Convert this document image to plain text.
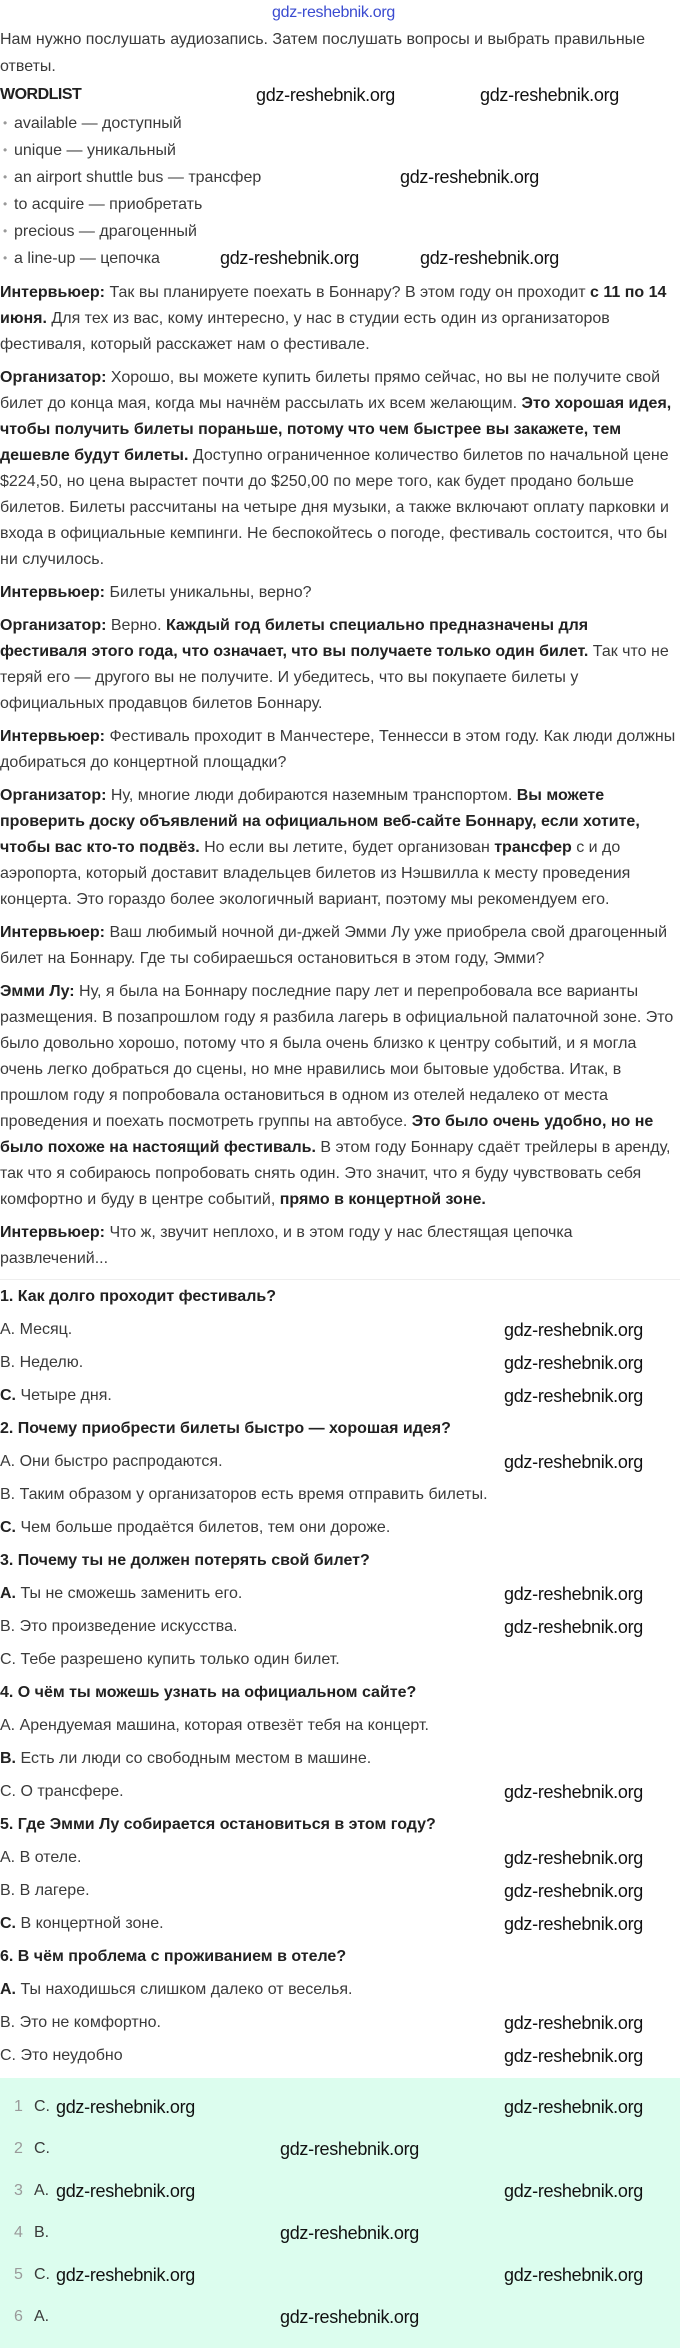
gdz-reshebnik.org

Нам нужно послушать аудиозапись. Затем послушать вопросы и выбрать правильные ответы.

WORDLIST	gdz-reshebnik.org	gdz-reshebnik.org
• available — доступный
• unique — уникальный
• an airport shuttle bus — трансфер	gdz-reshebnik.org
• to acquire — приобретать
• precious — драгоценный
• a line-up — цепочка	gdz-reshebnik.org	gdz-reshebnik.org

Интервьюер: Так вы планируете поехать в Боннару? В этом году он проходит с 11 по 14 июня. Для тех из вас, кому интересно, у нас в студии есть один из организаторов фестиваля, который расскажет нам о фестивале.

Организатор: Хорошо, вы можете купить билеты прямо сейчас, но вы не получите свой билет до конца мая, когда мы начнём рассылать их всем желающим. Это хорошая идея, чтобы получить билеты пораньше, потому что чем быстрее вы закажете, тем дешевле будут билеты. Доступно ограниченное количество билетов по начальной цене $224,50, но цена вырастет почти до $250,00 по мере того, как будет продано больше билетов. Билеты рассчитаны на четыре дня музыки, а также включают оплату парковки и входа в официальные кемпинги. Не беспокойтесь о погоде, фестиваль состоится, что бы ни случилось.

Интервьюер: Билеты уникальны, верно?

Организатор: Верно. Каждый год билеты специально предназначены для фестиваля этого года, что означает, что вы получаете только один билет. Так что не теряй его — другого вы не получите. И убедитесь, что вы покупаете билеты у официальных продавцов билетов Боннару.

Интервьюер: Фестиваль проходит в Манчестере, Теннесси в этом году. Как люди должны добираться до концертной площадки?

Организатор: Ну, многие люди добираются наземным транспортом. Вы можете проверить доску объявлений на официальном веб-сайте Боннару, если хотите, чтобы вас кто-то подвёз. Но если вы летите, будет организован трансфер с и до аэропорта, который доставит владельцев билетов из Нэшвилла к месту проведения концерта. Это гораздо более экологичный вариант, поэтому мы рекомендуем его.

Интервьюер: Ваш любимый ночной ди-джей Эмми Лу уже приобрела свой драгоценный билет на Боннару. Где ты собираешься остановиться в этом году, Эмми?

Эмми Лу: Ну, я была на Боннару последние пару лет и перепробовала все варианты размещения. В позапрошлом году я разбила лагерь в официальной палаточной зоне. Это было довольно хорошо, потому что я была очень близко к центру событий, и я могла очень легко добраться до сцены, но мне нравились мои бытовые удобства. Итак, в прошлом году я попробовала остановиться в одном из отелей недалеко от места проведения и поехать посмотреть группы на автобусе. Это было очень удобно, но не было похоже на настоящий фестиваль. В этом году Боннару сдаёт трейлеры в аренду, так что я собираюсь попробовать снять один. Это значит, что я буду чувствовать себя комфортно и буду в центре событий, прямо в концертной зоне.

Интервьюер: Что ж, звучит неплохо, и в этом году у нас блестящая цепочка развлечений...

1. Как долго проходит фестиваль?
A. Месяц.	gdz-reshebnik.org
B. Неделю.	gdz-reshebnik.org
C. Четыре дня.	gdz-reshebnik.org
2. Почему приобрести билеты быстро — хорошая идея?
A. Они быстро распродаются.	gdz-reshebnik.org
B. Таким образом у организаторов есть время отправить билеты.
C. Чем больше продаётся билетов, тем они дороже.
3. Почему ты не должен потерять свой билет?
A. Ты не сможешь заменить его.	gdz-reshebnik.org
B. Это произведение искусства.	gdz-reshebnik.org
C. Тебе разрешено купить только один билет.
4. О чём ты можешь узнать на официальном сайте?
A. Арендуемая машина, которая отвезёт тебя на концерт.
B. Есть ли люди со свободным местом в машине.
C. О трансфере.	gdz-reshebnik.org
5. Где Эмми Лу собирается остановиться в этом году?
A. В отеле.	gdz-reshebnik.org
B. В лагере.	gdz-reshebnik.org
C. В концертной зоне.	gdz-reshebnik.org
6. В чём проблема с проживанием в отеле?
A. Ты находишься слишком далеко от веселья.
B. Это не комфортно.	gdz-reshebnik.org
C. Это неудобно	gdz-reshebnik.org
1 C. gdz-reshebnik.org	gdz-reshebnik.org
2 C.	gdz-reshebnik.org
3 A. gdz-reshebnik.org	gdz-reshebnik.org
4 B.	gdz-reshebnik.org
5 C. gdz-reshebnik.org	gdz-reshebnik.org
6 A.	gdz-reshebnik.org
